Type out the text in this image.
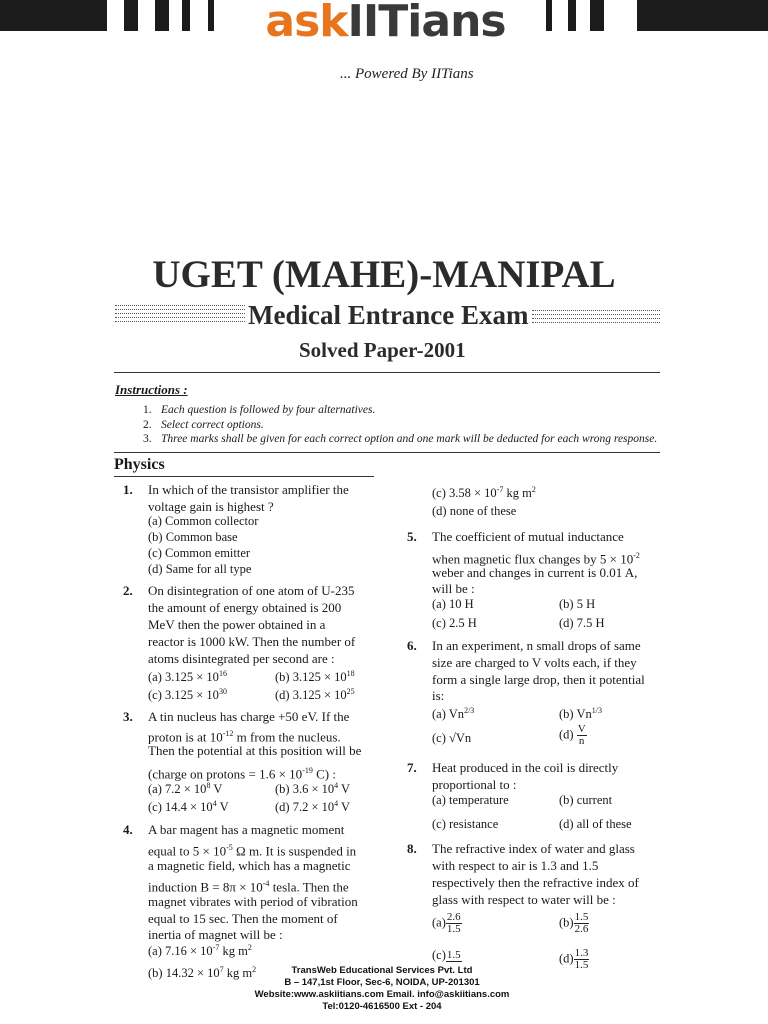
askIITians
... Powered By IITians
UGET (MAHE)-MANIPAL
Medical Entrance Exam
Solved Paper-2001
Instructions :
1. Each question is followed by four alternatives.
2. Select correct options.
3. Three marks shall be given for each correct option and one mark will be deducted for each wrong response.
Physics
1. In which of the transistor amplifier the
voltage gain is highest ?
(a) Common collector
(b) Common base
(c) Common emitter
(d) Same for all type
2. On disintegration of one atom of U-235
the amount of energy obtained is 200
MeV then the power obtained in a
reactor is 1000 kW. Then the number of
atoms disintegrated per second are :
(a) $3.125 \times 10^{16}$	(b) $3.125 \times 10^{18}$
(c) $3.125 \times 10^{30}$	(d) $3.125 \times 10^{25}$
3. A tin nucleus has charge +50 eV. If the
proton is at $10^{-12}$ m from the nucleus.
Then the potential at this position will be
(charge on protons = $1.6 \times 10^{-19}$ C) :
(a) $7.2 \times 10^8$ V	(b) $3.6 \times 10^4$ V
(c) $14.4 \times 10^4$ V	(d) $7.2 \times 10^4$ V
4. A bar magent has a magnetic moment
equal to $5 \times 10^{-5}$ Ω m. It is suspended in
a magnetic field, which has a magnetic
induction $B = 8\pi \times 10^{-4}$ tesla. Then the
magnet vibrates with period of vibration
equal to 15 sec. Then the moment of
inertia of magnet will be :
(a) $7.16 \times 10^{-7}$ kg $m^2$
(b) $14.32 \times 10^7$ kg $m^2$
(c) $3.58 \times 10^{-7}$ kg $m^2$
(d) none of these
5. The coefficient of mutual inductance
when magnetic flux changes by $5 \times 10^{-2}$
weber and changes in current is 0.01 A,
will be :
(a) 10 H	(b) 5 H
(c) 2.5 H	(d) 7.5 H
6. In an experiment, n small drops of same
size are charged to V volts each, if they
form a single large drop, then it potential
is:
(a) $Vn^{2/3}$	(b) $Vn^{1/3}$
(c) √Vn	$(d) \frac{V}{n}$
7. Heat produced in the coil is directly
proportional to :
(a) temperature	(b) current
(c) resistance	(d) all of these
8. The refractive index of water and glass
with respect to air is 1.3 and 1.5
respectively then the refractive index of
glass with respect to water will be :
$(a) \frac{2.6}{1.5}$	$(b) \frac{1.5}{2.6}$
(c) 1.5	$(d) \frac{1.3}{1.5}$
TransWeb Educational Services Pvt. Ltd
B – 147,1st Floor, Sec-6, NOIDA, UP-201301
Website:www.askiitians.com Email. info@askiitians.com
Tel:0120-4616500 Ext - 204
